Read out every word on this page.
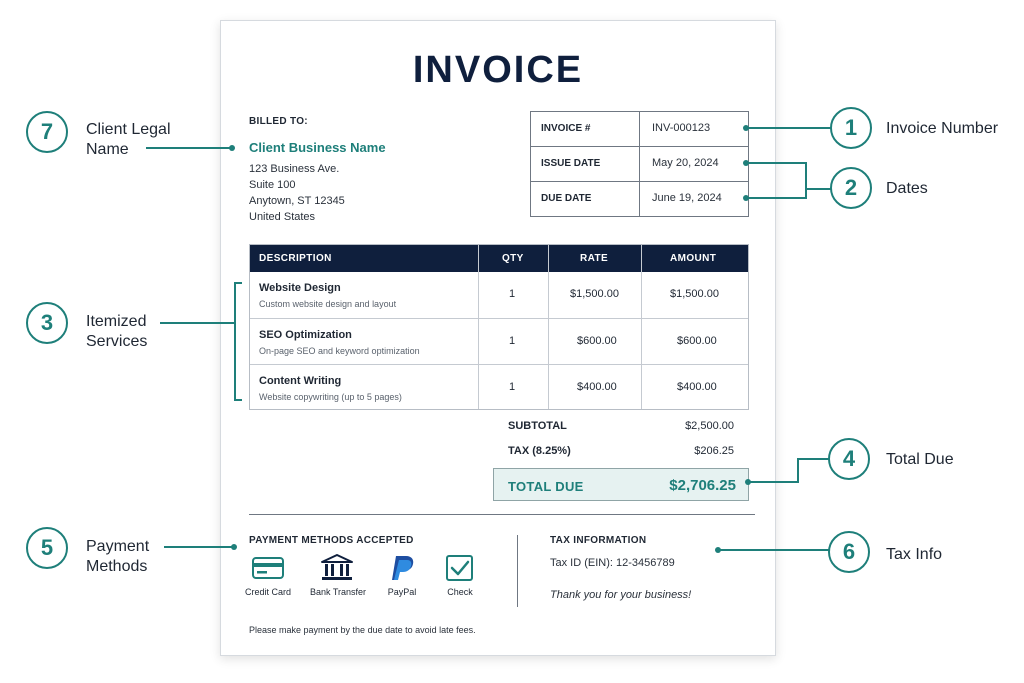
INVOICE
BILLED TO:
Client Business Name
123 Business Ave.
Suite 100
Anytown, ST 12345
United States
INVOICE #	INV-000123
ISSUE DATE	May 20, 2024
DUE DATE	June 19, 2024
DESCRIPTION	QTY	RATE	AMOUNT
Website Design
Custom website design and layout
1	$1,500.00	$1,500.00
SEO Optimization
On-page SEO and keyword optimization
1	$600.00	$600.00
Content Writing
Website copywriting (up to 5 pages)
1	$400.00	$400.00
SUBTOTAL	$2,500.00
TAX (8.25%)	$206.25
TOTAL DUE	$2,706.25
PAYMENT METHODS ACCEPTED
Credit Card	Bank Transfer	PayPal	Check
TAX INFORMATION
Tax ID (EIN): 12-3456789
Thank you for your business!
Please make payment by the due date to avoid late fees.
1	Invoice Number
2	Dates
3	Itemized
Services
4	Total Due
5	Payment
Methods
6	Tax Info
7	Client Legal
Name
